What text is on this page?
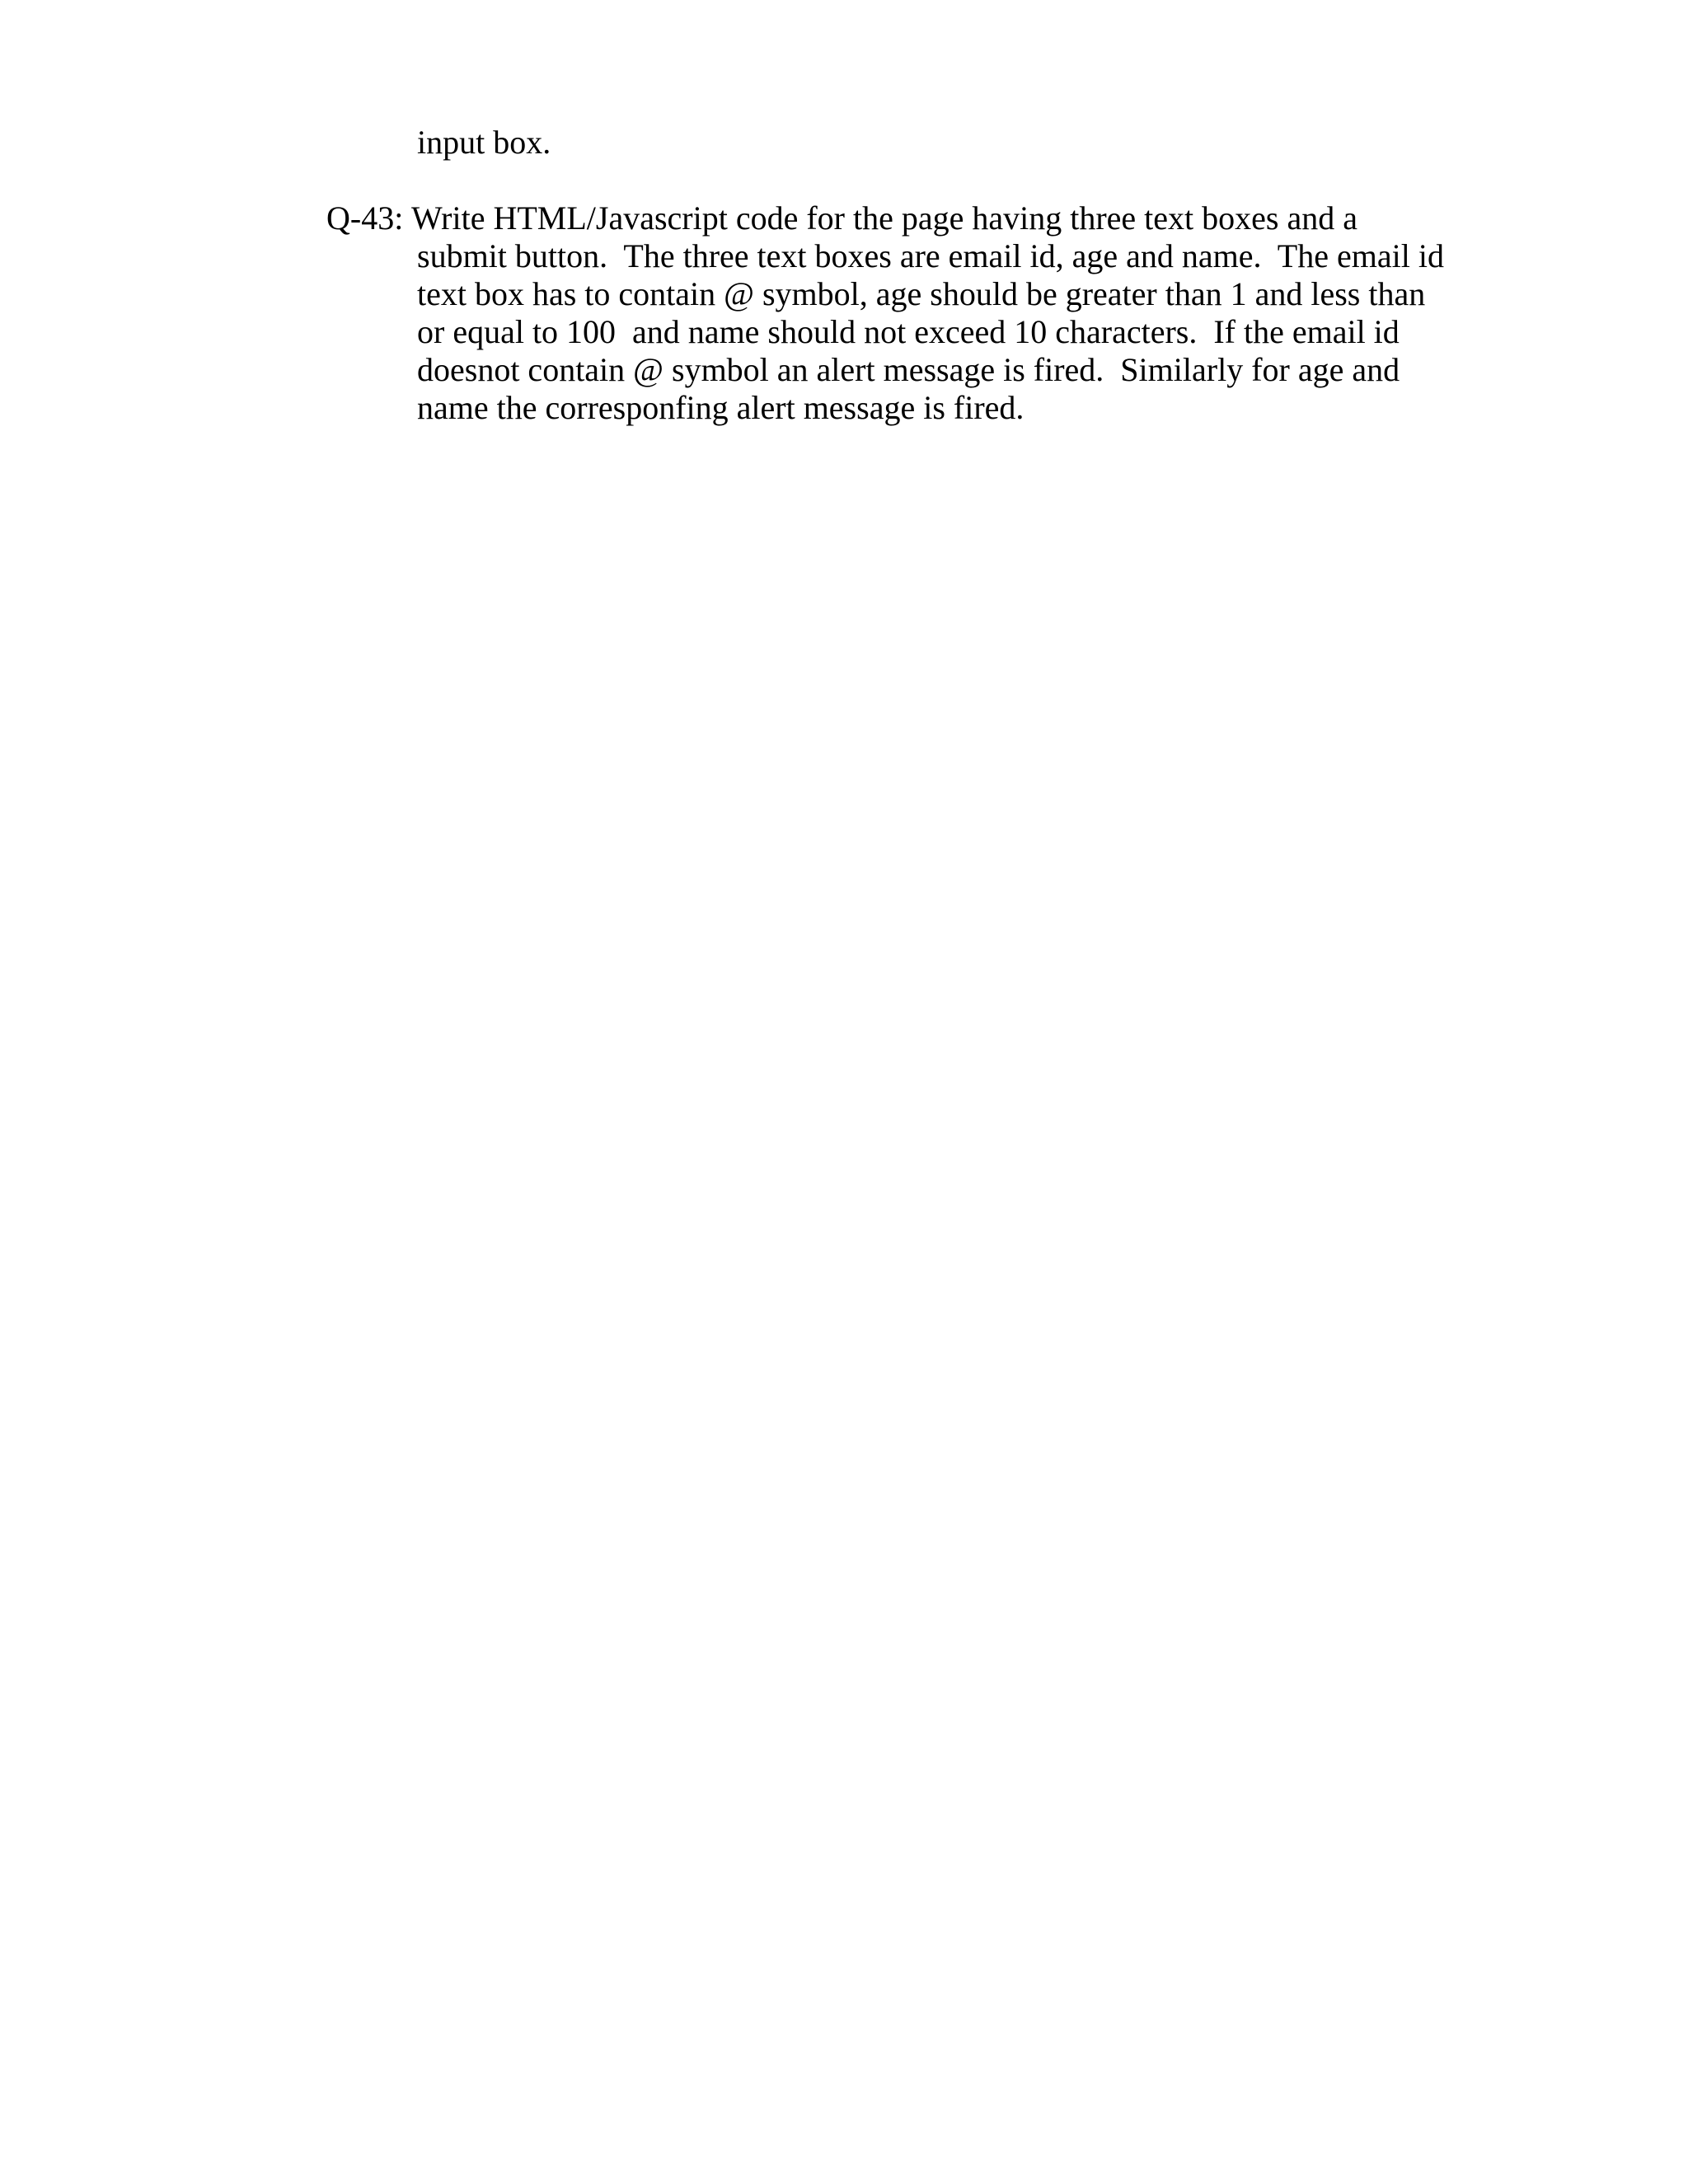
input box.

Q-43: Write HTML/Javascript code for the page having three text boxes and a

submit button.  The three text boxes are email id, age and name.  The email id

text box has to contain @ symbol, age should be greater than 1 and less than

or equal to 100  and name should not exceed 10 characters.  If the email id

doesnot contain @ symbol an alert message is fired.  Similarly for age and

name the corresponfing alert message is fired.
